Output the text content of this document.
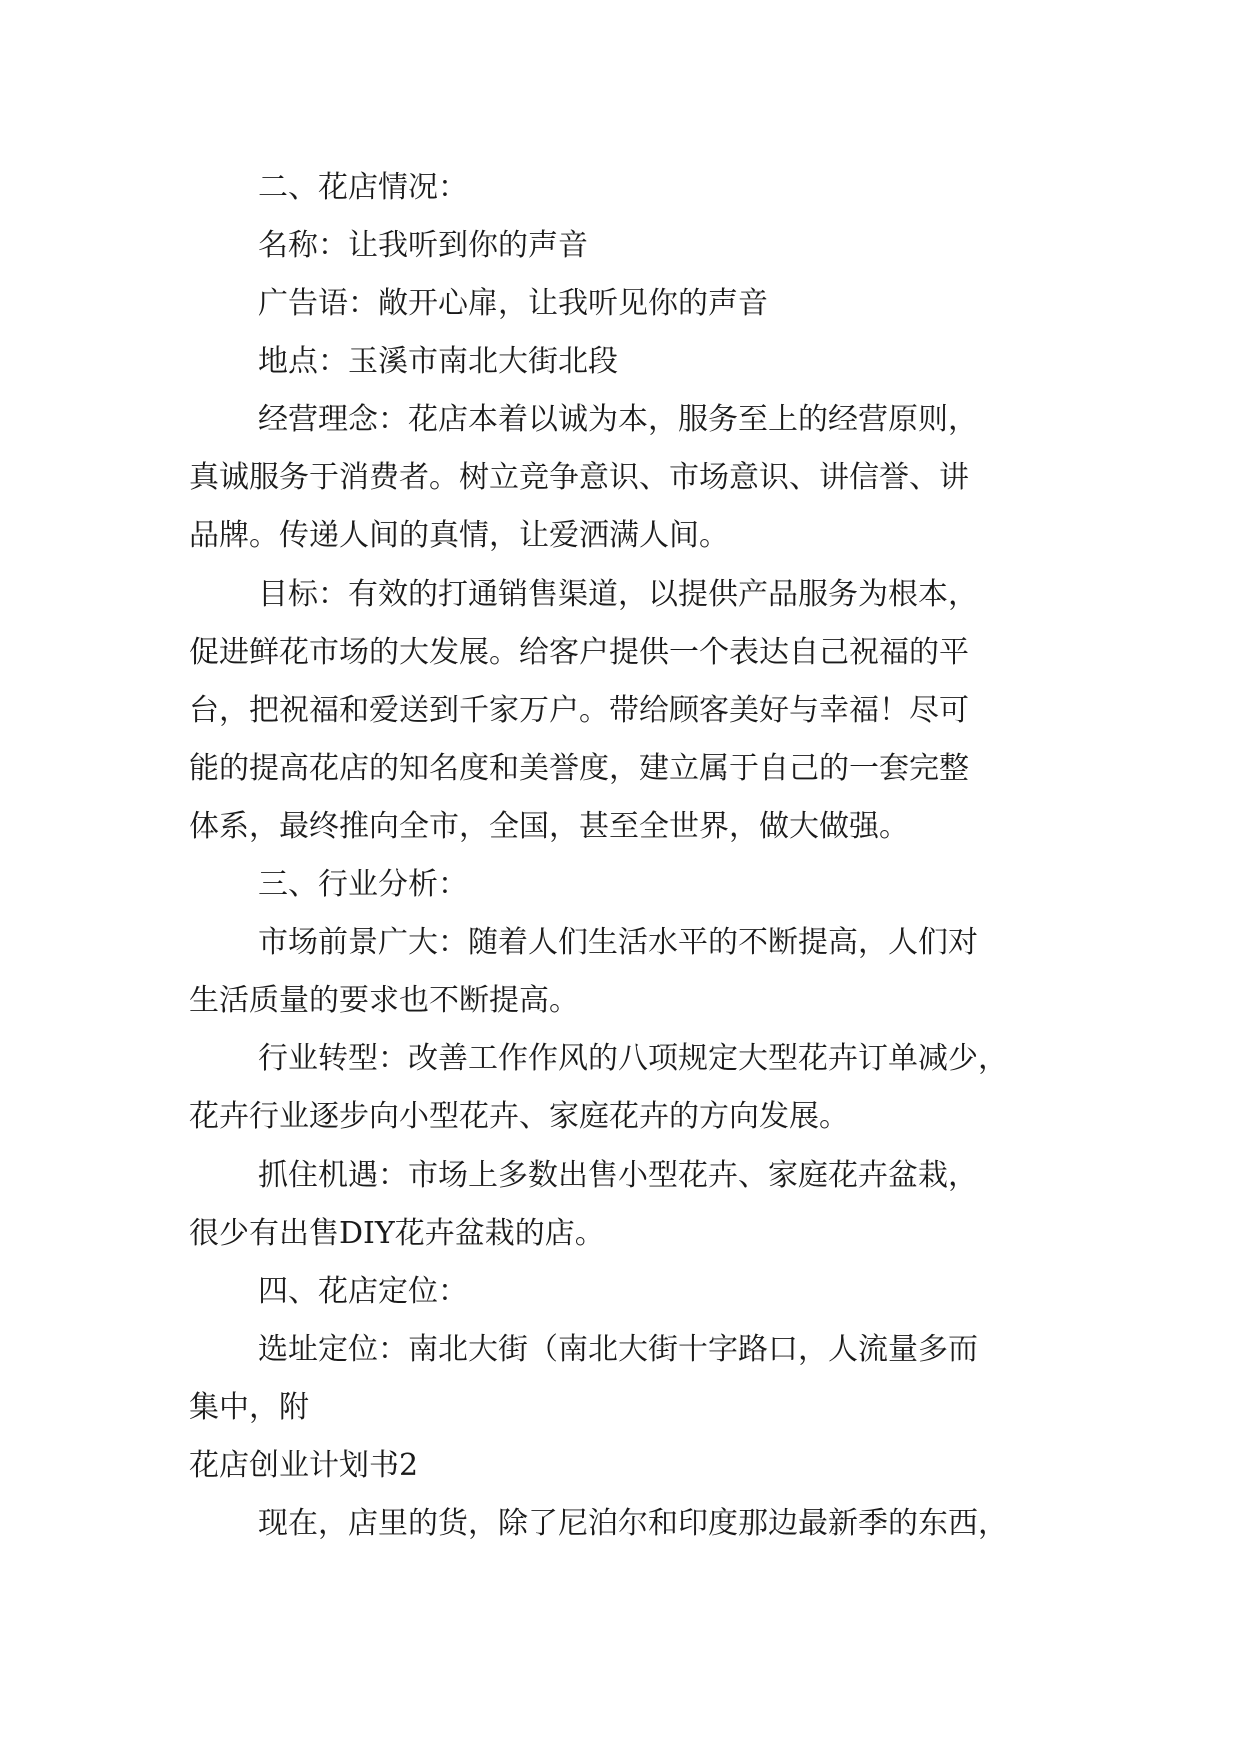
二、花店情况：

名称：让我听到你的声音

广告语：敞开心扉，让我听见你的声音

地点：玉溪市南北大街北段

经营理念：花店本着以诚为本，服务至上的经营原则，

真诚服务于消费者。树立竞争意识、市场意识、讲信誉、讲

品牌。传递人间的真情，让爱洒满人间。

目标：有效的打通销售渠道，以提供产品服务为根本，

促进鲜花市场的大发展。给客户提供一个表达自己祝福的平

台，把祝福和爱送到千家万户。带给顾客美好与幸福！尽可

能的提高花店的知名度和美誉度，建立属于自己的一套完整

体系，最终推向全市，全国，甚至全世界，做大做强。

三、行业分析：

市场前景广大：随着人们生活水平的不断提高，人们对

生活质量的要求也不断提高。

行业转型：改善工作作风的八项规定大型花卉订单减少，

花卉行业逐步向小型花卉、家庭花卉的方向发展。

抓住机遇：市场上多数出售小型花卉、家庭花卉盆栽，

很少有出售DIY花卉盆栽的店。

四、花店定位：

选址定位：南北大街（南北大街十字路口，人流量多而

集中，附

花店创业计划书2

现在，店里的货，除了尼泊尔和印度那边最新季的东西，
